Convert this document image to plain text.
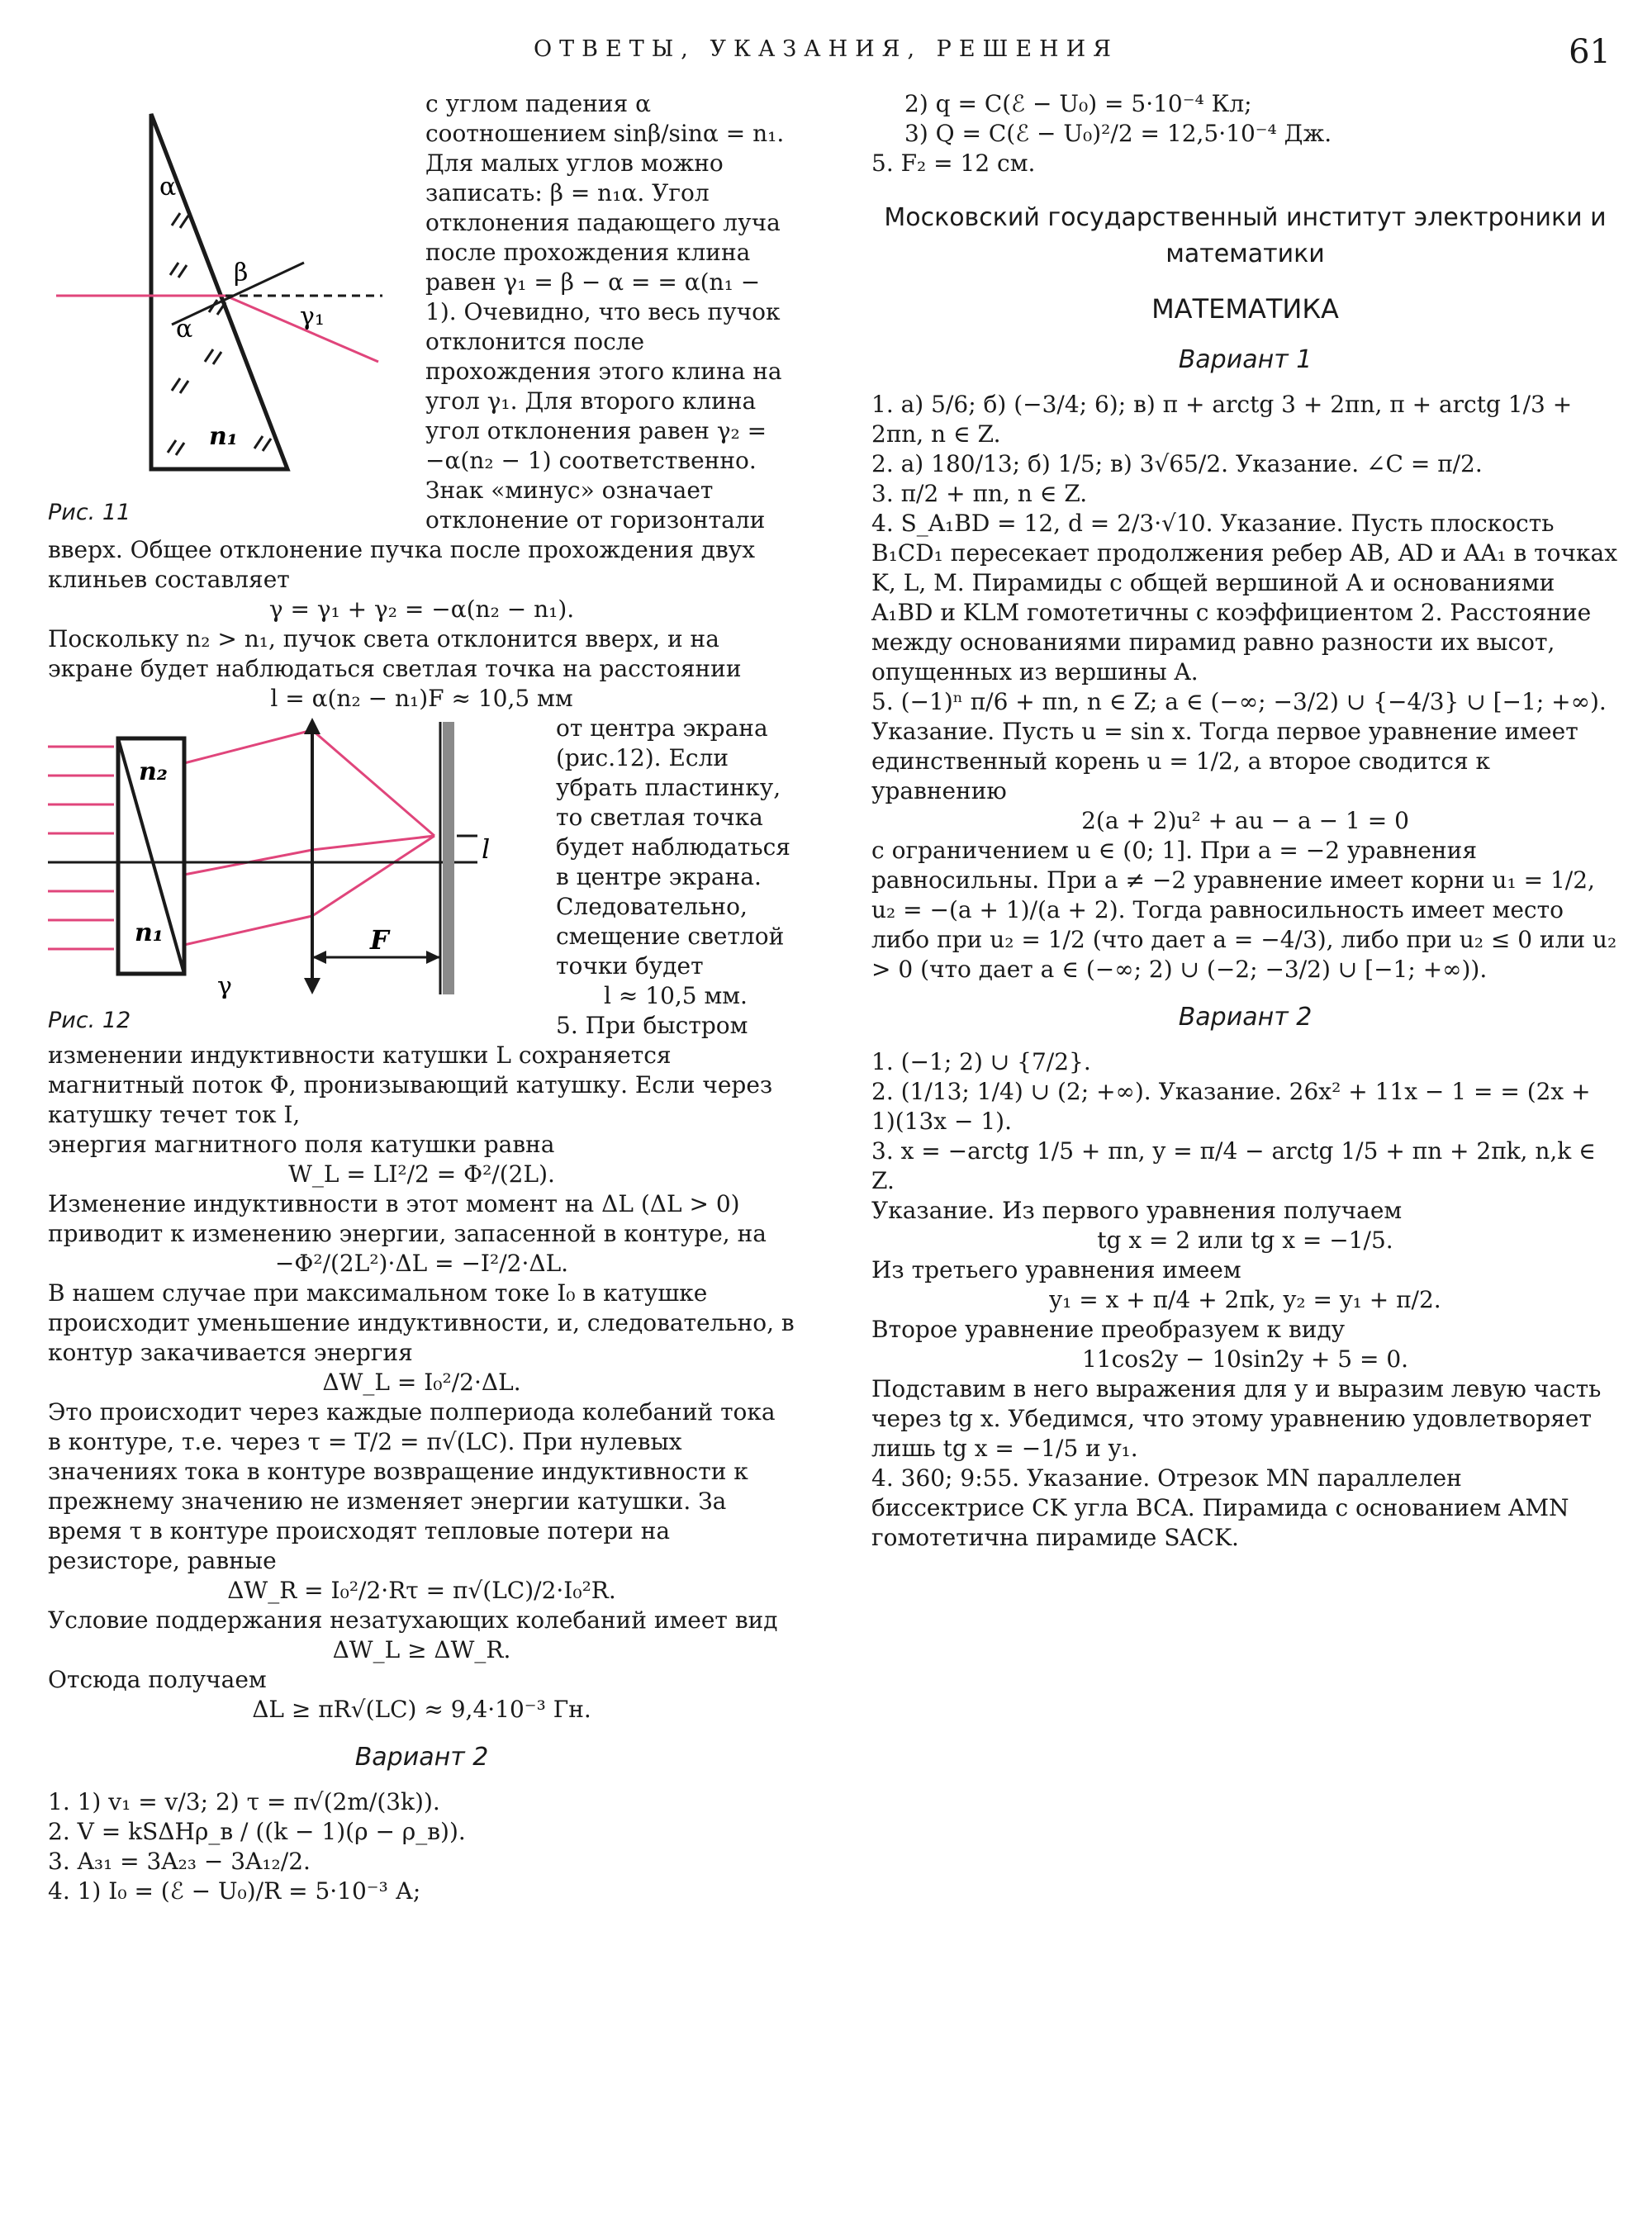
ОТВЕТЫ, УКАЗАНИЯ, РЕШЕНИЯ	61
α
α
β
γ₁
n₁
Рис. 11

с углом падения α соотношением sinβ/sinα = n₁. Для малых углов можно записать: β = n₁α. Угол отклонения падающего луча после прохождения клина равен γ₁ = β − α = = α(n₁ − 1). Очевидно, что весь пучок отклонится после прохождения этого клина на угол γ₁. Для второго клина угол отклонения равен γ₂ = −α(n₂ − 1) соответственно. Знак «минус» означает отклонение от горизонтали вверх. Общее отклонение пучка после прохождения двух клиньев составляет

γ = γ₁ + γ₂ = −α(n₂ − n₁).

Поскольку n₂ > n₁, пучок света отклонится вверх, и на экране будет наблюдаться светлая точка на расстоянии

l = α(n₂ − n₁)F ≈ 10,5 мм

n₂
n₁
γ
F
l
Рис. 12

от центра экрана (рис.12). Если убрать пластинку, то светлая точка будет наблюдаться в центре экрана. Следовательно, смещение светлой точки будет

l ≈ 10,5 мм.

5. При быстром изменении индуктивности катушки L сохраняется магнитный поток Φ, пронизывающий катушку. Если через катушку течет ток I,

энергия магнитного поля катушки равна

W_L = LI²/2 = Φ²/(2L).

Изменение индуктивности в этот момент на ΔL (ΔL > 0) приводит к изменению энергии, запасенной в контуре, на

−Φ²/(2L²)·ΔL = −I²/2·ΔL.

В нашем случае при максимальном токе I₀ в катушке происходит уменьшение индуктивности, и, следовательно, в контур закачивается энергия

ΔW_L = I₀²/2·ΔL.

Это происходит через каждые полпериода колебаний тока в контуре, т.е. через τ = T/2 = π√(LC). При нулевых значениях тока в контуре возвращение индуктивности к прежнему значению не изменяет энергии катушки. За время τ в контуре происходят тепловые потери на резисторе, равные

ΔW_R = I₀²/2·Rτ = π√(LC)/2·I₀²R.

Условие поддержания незатухающих колебаний имеет вид

ΔW_L ≥ ΔW_R.

Отсюда получаем

ΔL ≥ πR√(LC) ≈ 9,4·10⁻³ Гн.

Вариант 2

1. 1) v₁ = v/3; 2) τ = π√(2m/(3k)).

2. V = kSΔHρ_в / ((k − 1)(ρ − ρ_в)).

3. A₃₁ = 3A₂₃ − 3A₁₂/2.

4. 1) I₀ = (ℰ − U₀)/R = 5·10⁻³ А;

2) q = C(ℰ − U₀) = 5·10⁻⁴ Кл;

3) Q = C(ℰ − U₀)²/2 = 12,5·10⁻⁴ Дж.

5. F₂ = 12 см.

Московский государственный институт электроники и математики
МАТЕМАТИКА
Вариант 1

1. а) 5/6; б) (−3/4; 6); в) π + arctg 3 + 2πn, π + arctg 1/3 + 2πn, n ∈ Z.

2. а) 180/13; б) 1/5; в) 3√65/2. Указание. ∠C = π/2.

3. π/2 + πn, n ∈ Z.

4. S_A₁BD = 12, d = 2/3·√10. Указание. Пусть плоскость B₁CD₁ пересекает продолжения ребер AB, AD и AA₁ в точках K, L, M. Пирамиды с общей вершиной A и основаниями A₁BD и KLM гомотетичны с коэффициентом 2. Расстояние между основаниями пирамид равно разности их высот, опущенных из вершины A.

5. (−1)ⁿ π/6 + πn, n ∈ Z; a ∈ (−∞; −3/2) ∪ {−4/3} ∪ [−1; +∞). Указание. Пусть u = sin x. Тогда первое уравнение имеет единственный корень u = 1/2, а второе сводится к уравнению

2(a + 2)u² + au − a − 1 = 0

с ограничением u ∈ (0; 1]. При a = −2 уравнения равносильны. При a ≠ −2 уравнение имеет корни u₁ = 1/2, u₂ = −(a + 1)/(a + 2). Тогда равносильность имеет место либо при u₂ = 1/2 (что дает a = −4/3), либо при u₂ ≤ 0 или u₂ > 0 (что дает a ∈ (−∞; 2) ∪ (−2; −3/2) ∪ [−1; +∞)).

Вариант 2

1. (−1; 2) ∪ {7/2}.

2. (1/13; 1/4) ∪ (2; +∞). Указание. 26x² + 11x − 1 = = (2x + 1)(13x − 1).

3. x = −arctg 1/5 + πn, y = π/4 − arctg 1/5 + πn + 2πk, n,k ∈ Z.

Указание. Из первого уравнения получаем

tg x = 2 или tg x = −1/5.

Из третьего уравнения имеем

y₁ = x + π/4 + 2πk, y₂ = y₁ + π/2.

Второе уравнение преобразуем к виду

11cos2y − 10sin2y + 5 = 0.

Подставим в него выражения для y и выразим левую часть через tg x. Убедимся, что этому уравнению удовлетворяет лишь tg x = −1/5 и y₁.

4. 360; 9:55. Указание. Отрезок MN параллелен биссектрисе CK угла BCA. Пирамида с основанием AMN гомотетична пирамиде SACK.
